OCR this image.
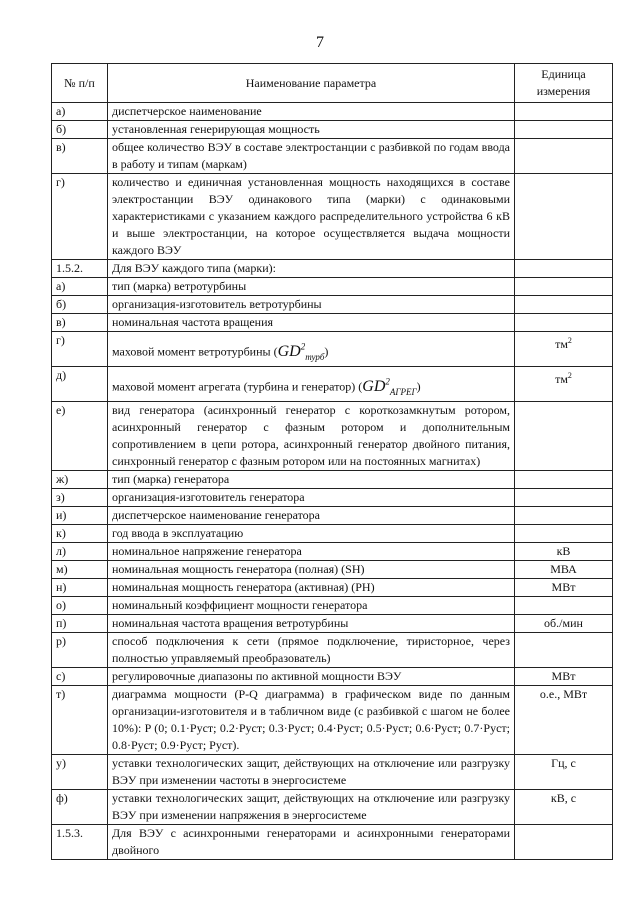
7
№ п/п	Наименование параметра	Единица измерения
а)	диспетчерское наименование	
б)	установленная генерирующая мощность	
в)	общее количество ВЭУ в составе электростанции с разбивкой по годам ввода в работу и типам (маркам)	
г)	количество и единичная установленная мощность находящихся в составе электростанции ВЭУ одинакового типа (марки) с одинаковыми характеристиками с указанием каждого распределительного устройства 6 кВ и выше электростанции, на которое осуществляется выдача мощности каждого ВЭУ	
1.5.2.	Для ВЭУ каждого типа (марки):	
а)	тип (марка) ветротурбины	
б)	организация-изготовитель ветротурбины	
в)	номинальная частота вращения	
г)	маховой момент ветротурбины $(GD^2_{турб})$	$тм^2$
д)	маховой момент агрегата (турбина и генератор) $(GD^2_{АГРЕГ})$	$тм^2$
е)	вид генератора (асинхронный генератор с короткозамкнутым ротором, асинхронный генератор с фазным ротором и дополнительным сопротивлением в цепи ротора, асинхронный генератор двойного питания, синхронный генератор с фазным ротором или на постоянных магнитах)	
ж)	тип (марка) генератора	
з)	организация-изготовитель генератора	
и)	диспетчерское наименование генератора	
к)	год ввода в эксплуатацию	
л)	номинальное напряжение генератора	кВ
м)	номинальная мощность генератора (полная) (SH)	МВА
н)	номинальная мощность генератора (активная) (PH)	МВт
о)	номинальный коэффициент мощности генератора	
п)	номинальная частота вращения ветротурбины	об./мин
р)	способ подключения к сети (прямое подключение, тиристорное, через полностью управляемый преобразователь)	
с)	регулировочные диапазоны по активной мощности ВЭУ	МВт
т)	диаграмма мощности (P-Q диаграмма) в графическом виде по данным организации-изготовителя и в табличном виде (с разбивкой с шагом не более 10%): P (0; 0.1·Руст; 0.2·Руст; 0.3·Руст; 0.4·Руст; 0.5·Руст; 0.6·Руст; 0.7·Руст; 0.8·Руст; 0.9·Руст; Руст).	о.е., МВт
у)	уставки технологических защит, действующих на отключение или разгрузку ВЭУ при изменении частоты в энергосистеме	Гц, с
ф)	уставки технологических защит, действующих на отключение или разгрузку ВЭУ при изменении напряжения в энергосистеме	кВ, с
1.5.3.	Для ВЭУ с асинхронными генераторами и асинхронными генераторами двойного	
